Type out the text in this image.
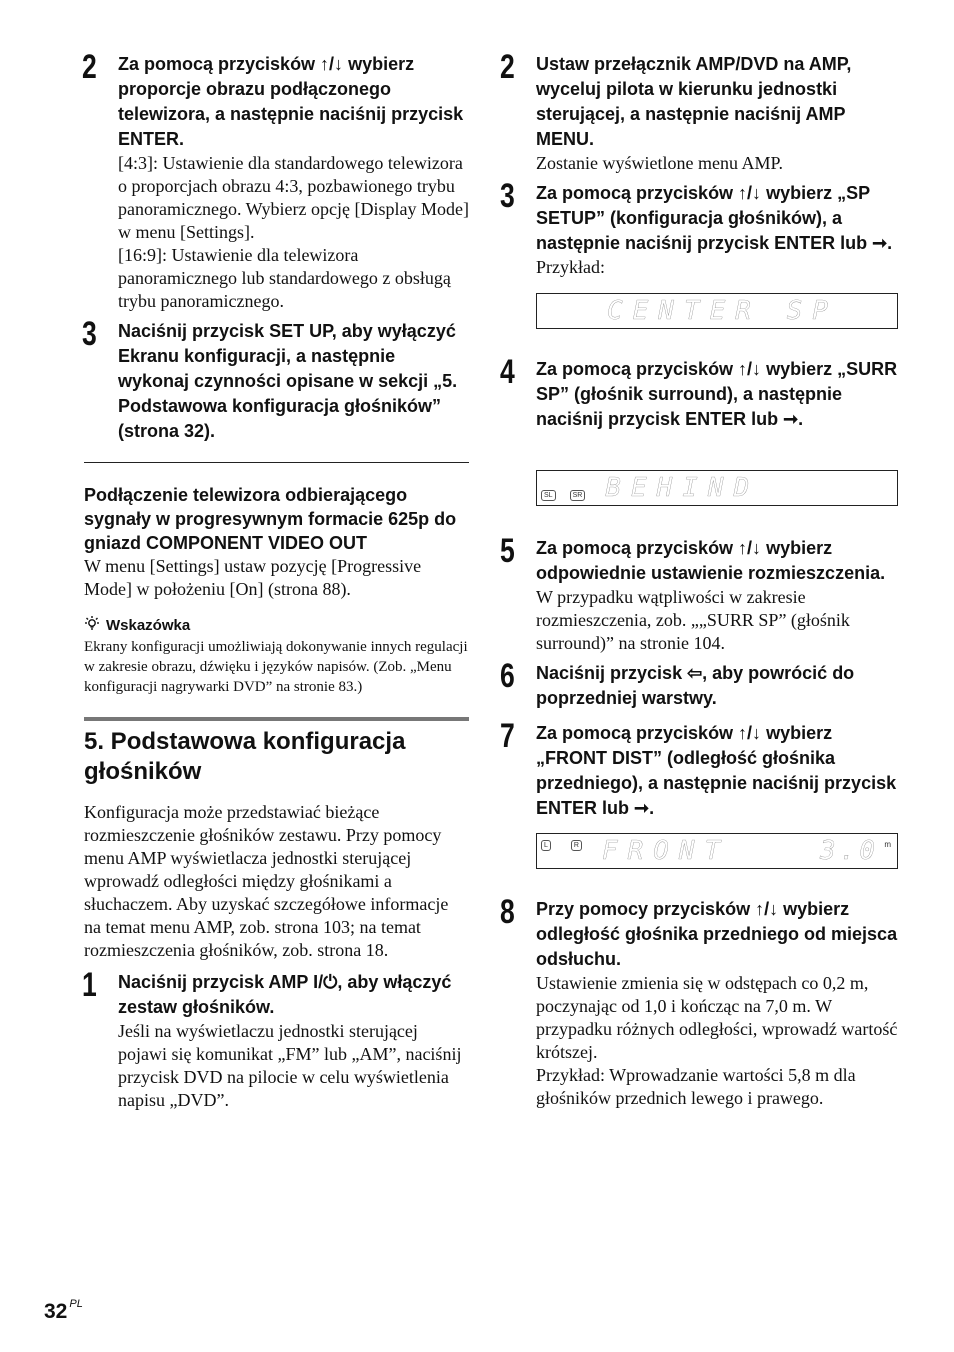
2 Za pomocą przycisków ↑/↓ wybierz proporcje obrazu podłączonego telewizora, a następnie naciśnij przycisk ENTER.

[4:3]: Ustawienie dla standardowego telewizora o proporcjach obrazu 4:3, pozbawionego trybu panoramicznego. Wybierz opcję [Display Mode] w menu [Settings].

[16:9]: Ustawienie dla telewizora panoramicznego lub standardowego z obsługą trybu panoramicznego.

3 Naciśnij przycisk SET UP, aby wyłączyć Ekranu konfiguracji, a następnie wykonaj czynności opisane w sekcji „5. Podstawowa konfiguracja głośników” (strona 32).

Podłączenie telewizora odbierającego sygnały w progresywnym formacie 625p do gniazd COMPONENT VIDEO OUT

W menu [Settings] ustaw pozycję [Progressive Mode] w położeniu [On] (strona 88).

Wskazówka

Ekrany konfiguracji umożliwiają dokonywanie innych regulacji w zakresie obrazu, dźwięku i języków napisów. (Zob. „Menu konfiguracji nagrywarki DVD” na stronie 83.)

5. Podstawowa konfiguracja głośników

Konfiguracja może przedstawiać bieżące rozmieszczenie głośników zestawu. Przy pomocy menu AMP wyświetlacza jednostki sterującej wprowadź odległości między głośnikami a słuchaczem. Aby uzyskać szczegółowe informacje na temat menu AMP, zob. strona 103; na temat rozmieszczenia głośników, zob. strona 18.

1 Naciśnij przycisk AMP I/⏻, aby włączyć zestaw głośników.

Jeśli na wyświetlaczu jednostki sterującej pojawi się komunikat „FM” lub „AM”, naciśnij przycisk DVD na pilocie w celu wyświetlenia napisu „DVD”.

2 Ustaw przełącznik AMP/DVD na AMP, wyceluj pilota w kierunku jednostki sterującej, a następnie naciśnij AMP MENU.

Zostanie wyświetlone menu AMP.

3 Za pomocą przycisków ↑/↓ wybierz „SP SETUP” (konfiguracja głośników), a następnie naciśnij przycisk ENTER lub ➞.

Przykład:

CENTER SP
4 Za pomocą przycisków ↑/↓ wybierz „SURR SP” (głośnik surround), a następnie naciśnij przycisk ENTER lub ➞.

SL	SR BEHIND
5 Za pomocą przycisków ↑/↓ wybierz odpowiednie ustawienie rozmieszczenia.

W przypadku wątpliwości w zakresie rozmieszczenia, zob. „„SURR SP” (głośnik surround)” na stronie 104.

6 Naciśnij przycisk ⇦, aby powrócić do poprzedniej warstwy.

7 Za pomocą przycisków ↑/↓ wybierz „FRONT DIST” (odległość głośnika przedniego), a następnie naciśnij przycisk ENTER lub ➞.

L	R FRONT	3.0 m
8 Przy pomocy przycisków ↑/↓ wybierz odległość głośnika przedniego od miejsca odsłuchu.

Ustawienie zmienia się w odstępach co 0,2 m, poczynając od 1,0 i kończąc na 7,0 m. W przypadku różnych odległości, wprowadź wartość krótszej.

Przykład: Wprowadzanie wartości 5,8 m dla głośników przednich lewego i prawego.

32 $^{PL}$
